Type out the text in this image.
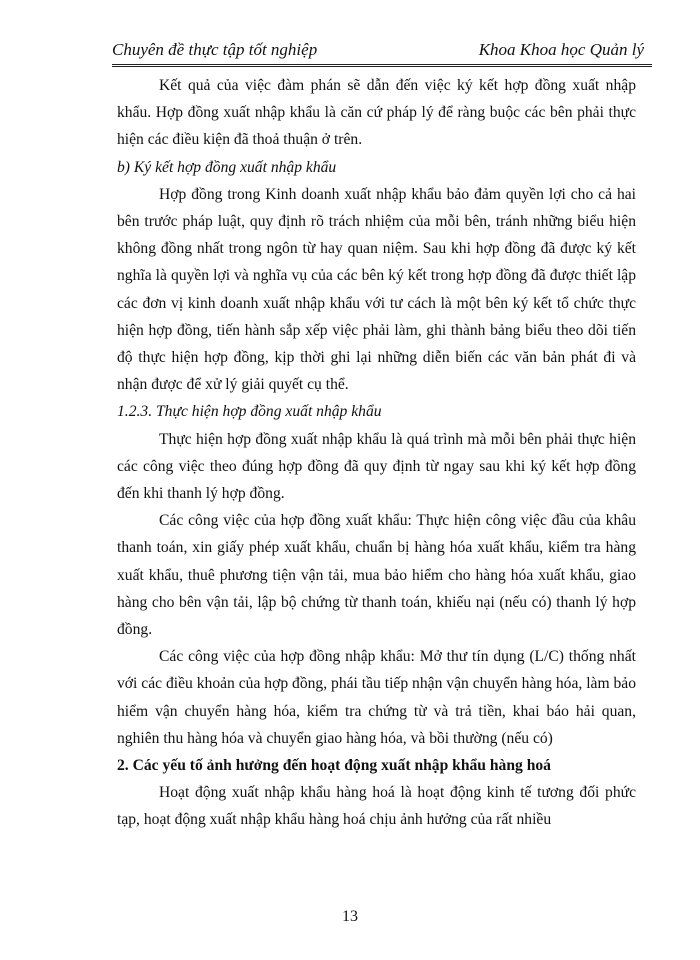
Chuyên đề thực tập tốt nghiệp	Khoa Khoa học Quản lý

Kết quả của việc đàm phán sẽ dẫn đến việc ký kết hợp đồng xuất nhập khẩu. Hợp đồng xuất nhập khẩu là căn cứ pháp lý để ràng buộc các bên phải thực hiện các điều kiện đã thoả thuận ở trên.

b) Ký kết hợp đồng xuất nhập khẩu

Hợp đồng trong Kinh doanh xuất nhập khẩu bảo đảm quyền lợi cho cả hai bên trước pháp luật, quy định rõ trách nhiệm của mỗi bên, tránh những biểu hiện không đồng nhất trong ngôn từ hay quan niệm. Sau khi hợp đồng đã được ký kết nghĩa là quyền lợi và nghĩa vụ của các bên ký kết trong hợp đồng đã được thiết lập các đơn vị kinh doanh xuất nhập khẩu với tư cách là một bên ký kết tổ chức thực hiện hợp đồng, tiến hành sắp xếp việc phải làm, ghi thành bảng biểu theo dõi tiến độ thực hiện hợp đồng, kịp thời ghi lại những diễn biến các văn bản phát đi và nhận được để xử lý giải quyết cụ thể.

1.2.3. Thực hiện hợp đồng xuất nhập khẩu

Thực hiện hợp đồng xuất nhập khẩu là quá trình mà mỗi bên phải thực hiện các công việc theo đúng hợp đồng đã quy định từ ngay sau khi ký kết hợp đồng đến khi thanh lý hợp đồng.

Các công việc của hợp đồng xuất khẩu: Thực hiện công việc đầu của khâu thanh toán, xin giấy phép xuất khẩu, chuẩn bị hàng hóa xuất khẩu, kiểm tra hàng xuất khẩu, thuê phương tiện vận tải, mua bảo hiểm cho hàng hóa xuất khẩu, giao hàng cho bên vận tải, lập bộ chứng từ thanh toán, khiếu nại (nếu có) thanh lý hợp đồng.

Các công việc của hợp đồng nhập khẩu: Mở thư tín dụng (L/C) thống nhất với các điều khoản của hợp đồng, phái tầu tiếp nhận vận chuyển hàng hóa, làm bảo hiểm vận chuyển hàng hóa, kiểm tra chứng từ và trả tiền, khai báo hải quan, nghiên thu hàng hóa và chuyển giao hàng hóa, và bồi thường (nếu có)

2. Các yếu tố ảnh hưởng đến hoạt động xuất nhập khẩu hàng hoá

Hoạt động xuất nhập khẩu hàng hoá là hoạt động kinh tế tương đối phức tạp, hoạt động xuất nhập khẩu hàng hoá chịu ảnh hưởng của rất nhiều

13
